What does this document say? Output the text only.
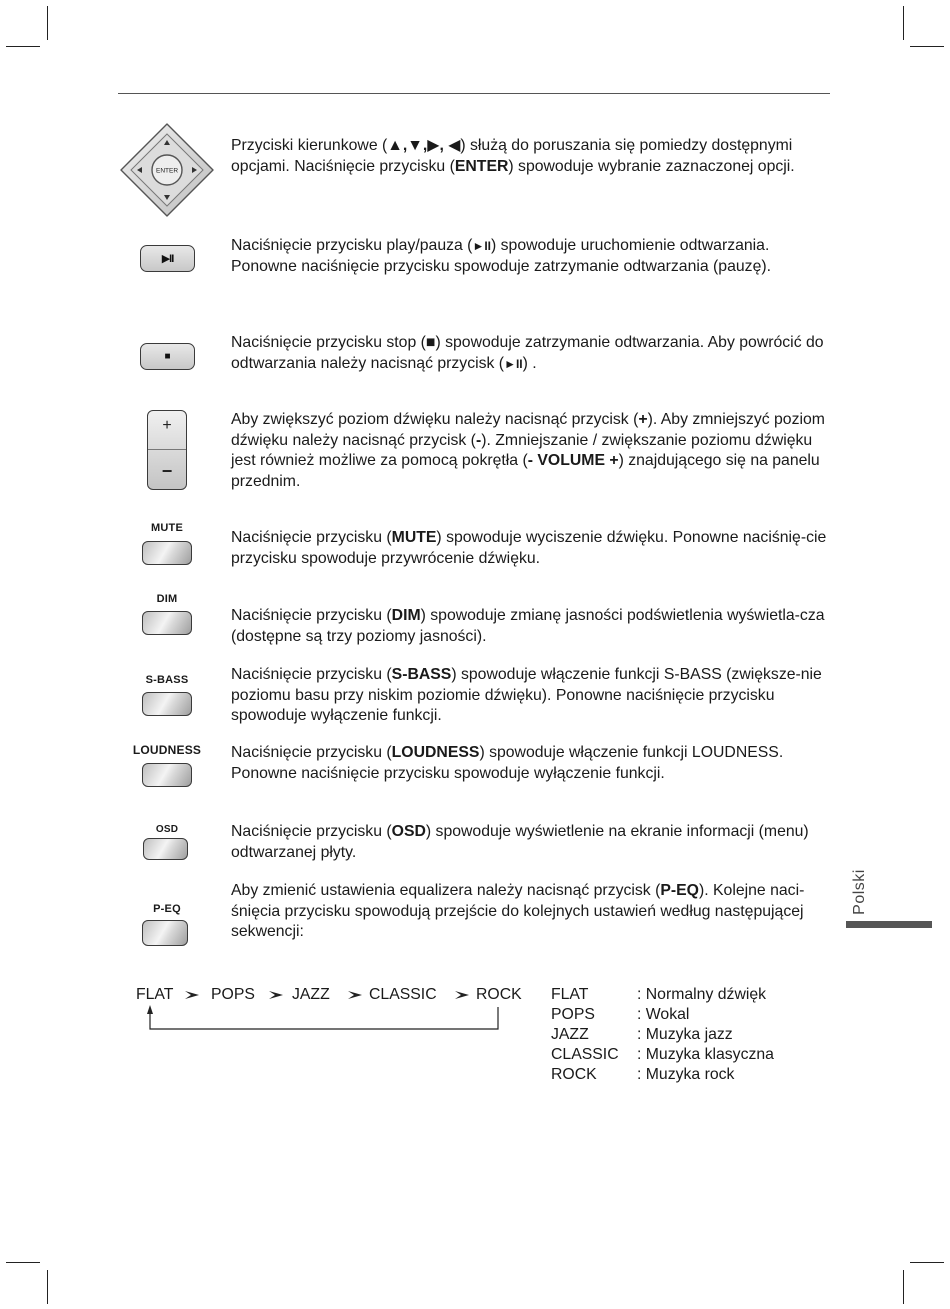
ENTER
Przyciski kierunkowe (▲,▼,▶, ◀) służą do poruszania się pomiedzy dostępnymi opcjami. Naciśnięcie przycisku (ENTER) spowoduje wybranie zaznaczonej opcji.
▶II
Naciśnięcie przycisku play/pauza (►II) spowoduje uruchomienie odtwarzania. Ponowne naciśnięcie przycisku spowoduje zatrzymanie odtwarzania (pauzę).
■
Naciśnięcie przycisku stop (■) spowoduje zatrzymanie odtwarzania. Aby powrócić do odtwarzania należy nacisnąć przycisk (►II) .
+
−
Aby zwiększyć poziom dźwięku należy nacisnąć przycisk (+). Aby zmniejszyć poziom dźwięku należy nacisnąć przycisk (-). Zmniejszanie / zwiększanie poziomu dźwięku jest również możliwe za pomocą pokrętła (- VOLUME +) znajdującego się na panelu przednim.
MUTE
Naciśnięcie przycisku (MUTE) spowoduje wyciszenie dźwięku. Ponowne naciśnię-cie przycisku spowoduje przywrócenie dźwięku.
DIM
Naciśnięcie przycisku (DIM) spowoduje zmianę jasności podświetlenia wyświetla-cza (dostępne są trzy poziomy jasności).
S-BASS	Naciśnięcie przycisku (S-BASS) spowoduje włączenie funkcji S-BASS (zwiększe-nie poziomu basu przy niskim poziomie dźwięku). Ponowne naciśnięcie przycisku spowoduje wyłączenie funkcji.
LOUDNESS Naciśnięcie przycisku (LOUDNESS) spowoduje włączenie funkcji LOUDNESS. Ponowne naciśnięcie przycisku spowoduje wyłączenie funkcji.
OSD	Naciśnięcie przycisku (OSD) spowoduje wyświetlenie na ekranie informacji (menu) odtwarzanej płyty.
P-EQ
Aby zmienić ustawienia equalizera należy nacisnąć przycisk (P-EQ). Kolejne naci-śnięcia przycisku spowodują przejście do kolejnych ustawień według następującej sekwencji:
Polski
FLAT POPS JAZZ CLASSIC ROCK FLAT	: Normalny dźwięk
POPS	: Wokal
JAZZ	: Muzyka jazz
CLASSIC : Muzyka klasyczna
ROCK	: Muzyka rock
